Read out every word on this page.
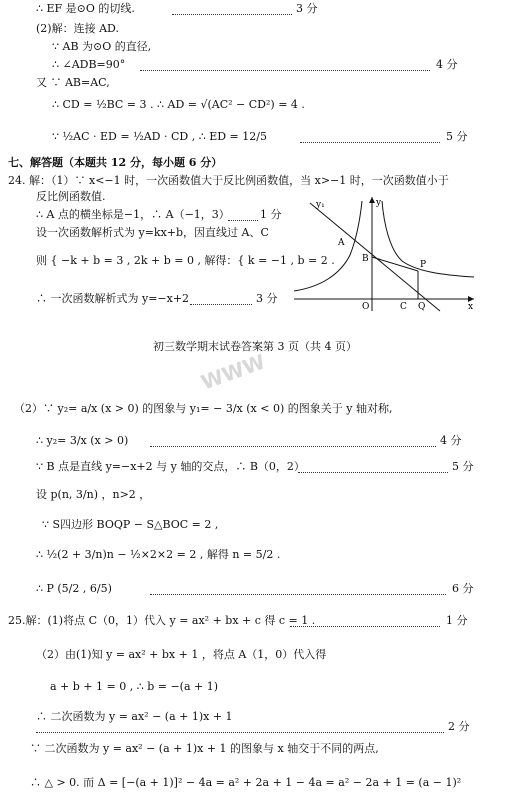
∴ EF 是⊙O 的切线.	3 分
(2)解：连接 AD.
∵ AB 为⊙O 的直径,
∴ ∠ADB=90°	4 分
又 ∵ AB=AC,
∴ CD = ½BC = 3 . ∴ AD = √(AC² − CD²) = 4 .
∵ ½AC · ED = ½AD · CD , ∴ ED = 12/5	5 分
七、解答题（本题共 12 分，每小题 6 分）
24. 解：（1）∵ x<−1 时，一次函数值大于反比例函数值，当 x>−1 时，一次函数值小于
反比例函数值.
∴ A 点的横坐标是−1，∴ A（−1，3）	1 分
设一次函数解析式为 y=kx+b，因直线过 A、C
则 { −k + b = 3 , 2k + b = 0 , 解得：{ k = −1 , b = 2 .
∴ 一次函数解析式为 y=−x+2	3 分
y₁	y
A
B
P
O	C Q	x
初三数学期末试卷答案第 3 页（共 4 页）
WWW
（2）∵ y₂= a/x (x > 0) 的图象与 y₁= − 3/x (x < 0) 的图象关于 y 轴对称,
∴ y₂= 3/x (x > 0)	4 分
∵ B 点是直线 y=−x+2 与 y 轴的交点，∴ B（0，2）	5 分
设 p(n, 3/n) ，n>2 ，
∵ S四边形 BOQP − S△BOC = 2 ,
∴ ½(2 + 3/n)n − ½×2×2 = 2 , 解得 n = 5/2 .
∴ P (5/2 , 6/5)	6 分
25.解：(1)将点 C（0，1）代入 y = ax² + bx + c 得 c = 1 .	1 分
（2）由(1)知 y = ax² + bx + 1 ，将点 A（1，0）代入得
a + b + 1 = 0 , ∴ b = −(a + 1)
∴ 二次函数为 y = ax² − (a + 1)x + 1
2 分
∵ 二次函数为 y = ax² − (a + 1)x + 1 的图象与 x 轴交于不同的两点,
∴ △ > 0. 而 Δ = [−(a + 1)]² − 4a = a² + 2a + 1 − 4a = a² − 2a + 1 = (a − 1)²
